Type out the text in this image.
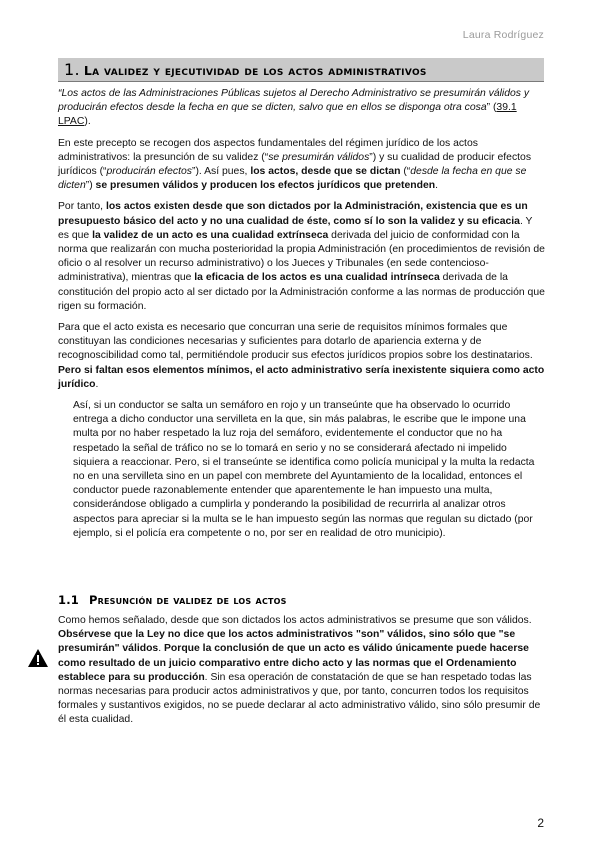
Laura Rodríguez
1. La validez y ejecutividad de los actos administrativos

“Los actos de las Administraciones Públicas sujetos al Derecho Administrativo se presumirán válidos y producirán efectos desde la fecha en que se dicten, salvo que en ellos se disponga otra cosa” (39.1 LPAC).

En este precepto se recogen dos aspectos fundamentales del régimen jurídico de los actos administrativos: la presunción de su validez (“se presumirán válidos”) y su cualidad de producir efectos jurídicos (“producirán efectos”). Así pues, los actos, desde que se dictan (“desde la fecha en que se dicten”) se presumen válidos y producen los efectos jurídicos que pretenden.

Por tanto, los actos existen desde que son dictados por la Administración, existencia que es un presupuesto básico del acto y no una cualidad de éste, como sí lo son la validez y su eficacia. Y es que la validez de un acto es una cualidad extrínseca derivada del juicio de conformidad con la norma que realizarán con mucha posterioridad la propia Administración (en procedimientos de revisión de oficio o al resolver un recurso administrativo) o los Jueces y Tribunales (en sede contencioso-administrativa), mientras que la eficacia de los actos es una cualidad intrínseca derivada de la constitución del propio acto al ser dictado por la Administración conforme a las normas de producción que rigen su formación.

Para que el acto exista es necesario que concurran una serie de requisitos mínimos formales que constituyan las condiciones necesarias y suficientes para dotarlo de apariencia externa y de recognoscibilidad como tal, permitiéndole producir sus efectos jurídicos propios sobre los destinatarios. Pero si faltan esos elementos mínimos, el acto administrativo sería inexistente siquiera como acto jurídico.

Así, si un conductor se salta un semáforo en rojo y un transeúnte que ha observado lo ocurrido entrega a dicho conductor una servilleta en la que, sin más palabras, le escribe que le impone una multa por no haber respetado la luz roja del semáforo, evidentemente el conductor que no ha respetado la señal de tráfico no se lo tomará en serio y no se considerará afectado ni impelido siquiera a reaccionar. Pero, si el transeúnte se identifica como policía municipal y la multa la redacta no en una servilleta sino en un papel con membrete del Ayuntamiento de la localidad, entonces el conductor puede razonablemente entender que aparentemente le han impuesto una multa, considerándose obligado a cumplirla y ponderando la posibilidad de recurrirla al analizar otros aspectos para apreciar si la multa se le han impuesto según las normas que regulan su dictado (por ejemplo, si el policía era competente o no, por ser en realidad de otro municipio).

1.1 Presunción de validez de los actos

Como hemos señalado, desde que son dictados los actos administrativos se presume que son válidos. Obsérvese que la Ley no dice que los actos administrativos "son" válidos, sino sólo que "se presumirán" válidos. Porque la conclusión de que un acto es válido únicamente puede hacerse como resultado de un juicio comparativo entre dicho acto y las normas que el Ordenamiento establece para su producción. Sin esa operación de constatación de que se han respetado todas las normas necesarias para producir actos administrativos y que, por tanto, concurren todos los requisitos formales y sustantivos exigidos, no se puede declarar al acto administrativo válido, sino sólo presumir de él esta cualidad.

2
